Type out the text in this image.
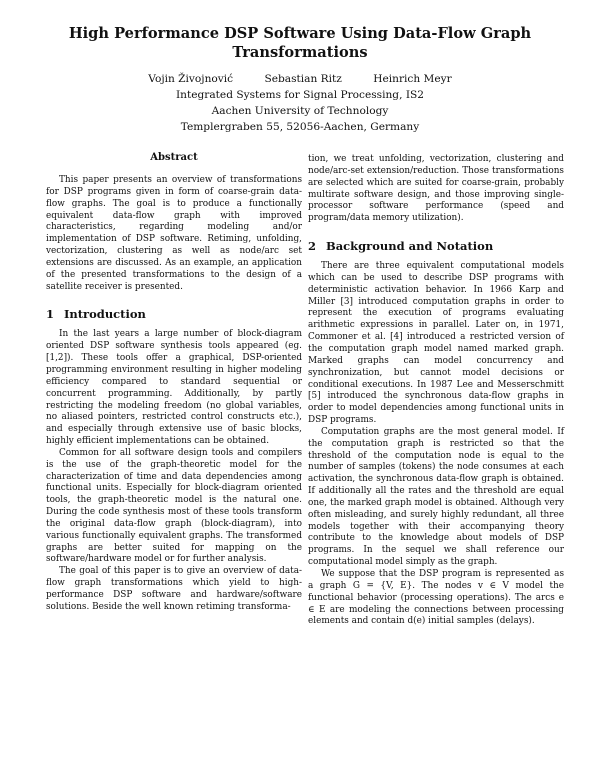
High Performance DSP Software Using Data-Flow Graph
Transformations
Vojin Živojnović	Sebastian Ritz	Heinrich Meyr
Integrated Systems for Signal Processing, IS2
Aachen University of Technology
Templergraben 55, 52056-Aachen, Germany
Abstract

This paper presents an overview of transformations for DSP programs given in form of coarse-grain data-flow graphs. The goal is to produce a functionally equivalent data-flow graph with improved characteristics, regarding modeling and/or implementation of DSP software. Retiming, unfolding, vectorization, clustering as well as node/arc set extensions are discussed. As an example, an application of the presented transformations to the design of a satellite receiver is presented.

1 Introduction

In the last years a large number of block-diagram oriented DSP software synthesis tools appeared (eg. [1,2]). These tools offer a graphical, DSP-oriented programming environment resulting in higher modeling efficiency compared to standard sequential or concurrent programming. Additionally, by partly restricting the modeling freedom (no global variables, no aliased pointers, restricted control constructs etc.), and especially through extensive use of basic blocks, highly efficient implementations can be obtained.

Common for all software design tools and compilers is the use of the graph-theoretic model for the characterization of time and data dependencies among functional units. Especially for block-diagram oriented tools, the graph-theoretic model is the natural one. During the code synthesis most of these tools transform the original data-flow graph (block-diagram), into various functionally equivalent graphs. The transformed graphs are better suited for mapping on the software/hardware model or for further analysis.

The goal of this paper is to give an overview of data-flow graph transformations which yield to high-performance DSP software and hardware/software solutions. Beside the well known retiming transforma-

tion, we treat unfolding, vectorization, clustering and node/arc-set extension/reduction. Those transformations are selected which are suited for coarse-grain, probably multirate software design, and those improving single-processor software performance (speed and program/data memory utilization).

2 Background and Notation

There are three equivalent computational models which can be used to describe DSP programs with deterministic activation behavior. In 1966 Karp and Miller [3] introduced computation graphs in order to represent the execution of programs evaluating arithmetic expressions in parallel. Later on, in 1971, Commoner et al. [4] introduced a restricted version of the computation graph model named marked graph. Marked graphs can model concurrency and synchronization, but cannot model decisions or conditional executions. In 1987 Lee and Messerschmitt [5] introduced the synchronous data-flow graphs in order to model dependencies among functional units in DSP programs.

Computation graphs are the most general model. If the computation graph is restricted so that the threshold of the computation node is equal to the number of samples (tokens) the node consumes at each activation, the synchronous data-flow graph is obtained. If additionally all the rates and the threshold are equal one, the marked graph model is obtained. Although very often misleading, and surely highly redundant, all three models together with their accompanying theory contribute to the knowledge about models of DSP programs. In the sequel we shall reference our computational model simply as the graph.

We suppose that the DSP program is represented as a graph G = {V, E}. The nodes v ∈ V model the functional behavior (processing operations). The arcs e ∈ E are modeling the connections between processing elements and contain d(e) initial samples (delays).
